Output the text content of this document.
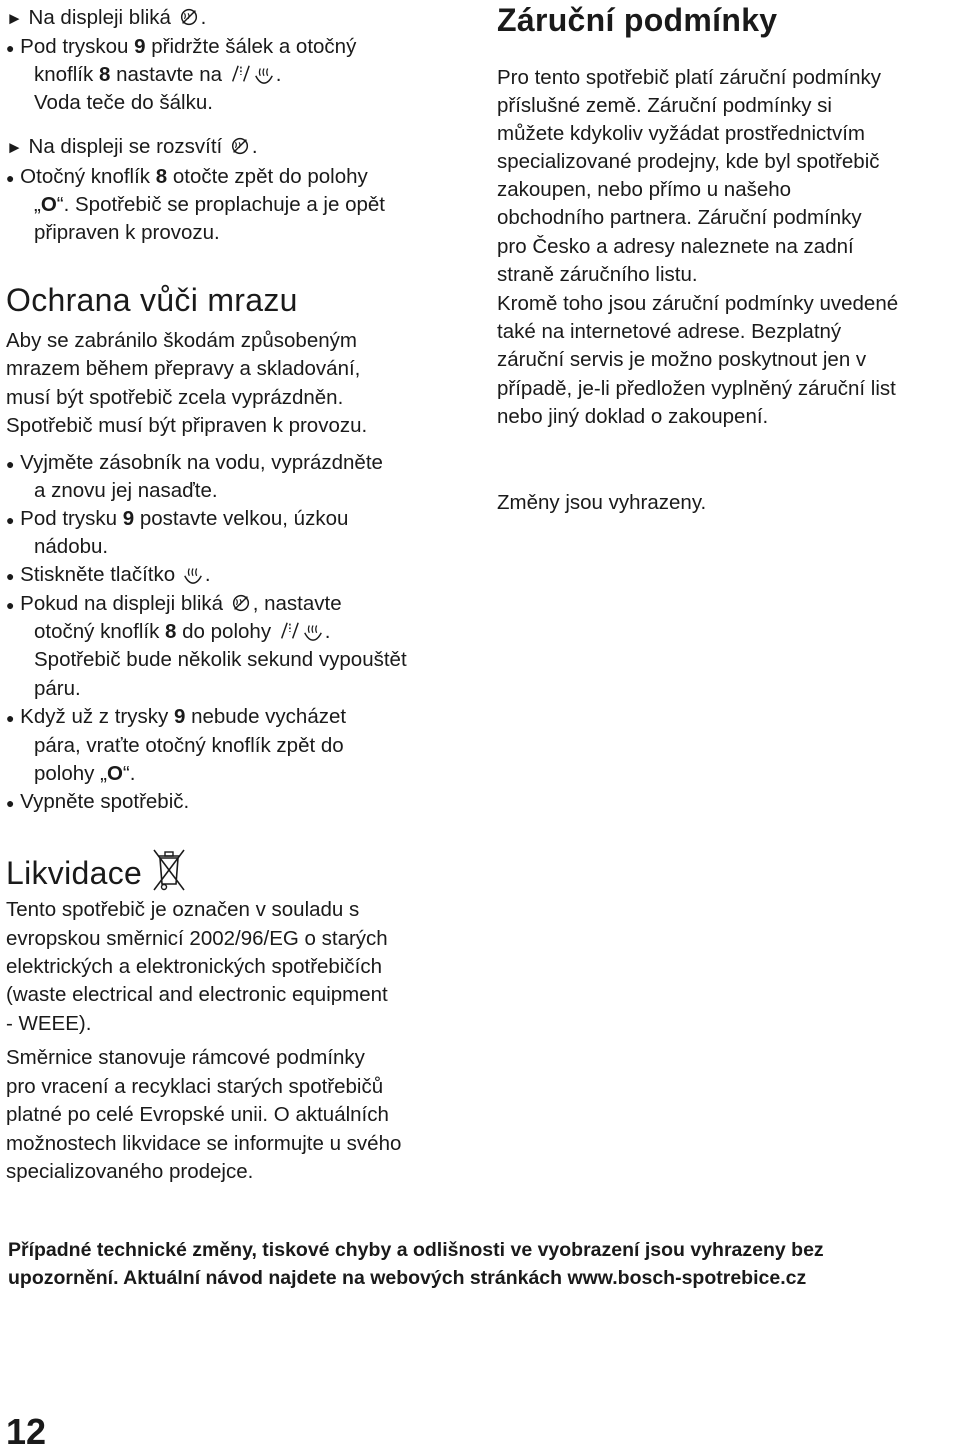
► Na displeji bliká .
● Pod tryskou 9 přidržte šálek a otočný
knoflík 8 nastavte na	.
Voda teče do šálku.
► Na displeji se rozsvítí .
● Otočný knoflík 8 otočte zpět do polohy
„O“. Spotřebič se proplachuje a je opět
připraven k provozu.
Ochrana vůči mrazu
Aby se zabránilo škodám způsobeným
mrazem během přepravy a skladování,
musí být spotřebič zcela vyprázdněn.
Spotřebič musí být připraven k provozu.
● Vyjměte zásobník na vodu, vyprázdněte
a znovu jej nasaďte.
● Pod trysku 9 postavte velkou, úzkou
nádobu.
● Stiskněte tlačítko .
● Pokud na displeji bliká , nastavte
otočný knoflík 8 do polohy	.
Spotřebič bude několik sekund vypouštět
páru.
● Když už z trysky 9 nebude vycházet
pára, vraťte otočný knoflík zpět do
polohy „O“.
● Vypněte spotřebič.
Likvidace
Tento spotřebič je označen v souladu s
evropskou směrnicí 2002/96/EG o starých
elektrických a elektronických spotřebičích
(waste electrical and electronic equipment
- WEEE).
Směrnice stanovuje rámcové podmínky
pro vracení a recyklaci starých spotřebičů
platné po celé Evropské unii. O aktuálních
možnostech likvidace se informujte u svého
specializovaného prodejce.
Záruční podmínky
Pro tento spotřebič platí záruční podmínky
příslušné země. Záruční podmínky si
můžete kdykoliv vyžádat prostřednictvím
specializované prodejny, kde byl spotřebič
zakoupen, nebo přímo u našeho
obchodního partnera. Záruční podmínky
pro Česko a adresy naleznete na zadní
straně záručního listu.
Kromě toho jsou záruční podmínky uvedené
také na internetové adrese. Bezplatný
záruční servis je možno poskytnout jen v
případě, je-li předložen vyplněný záruční list
nebo jiný doklad o zakoupení.
Změny jsou vyhrazeny.
Případné technické změny, tiskové chyby a odlišnosti ve vyobrazení jsou vyhrazeny bez
upozornění. Aktuální návod najdete na webových stránkách www.bosch-spotrebice.cz
12
